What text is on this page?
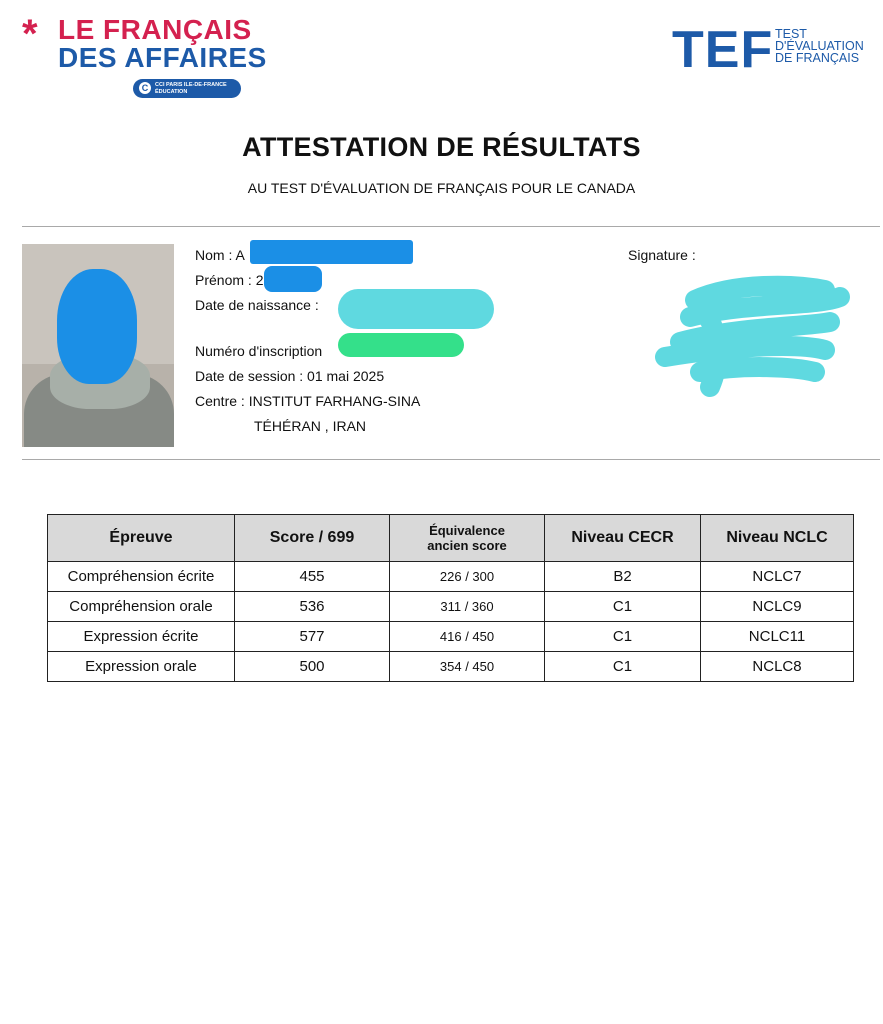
* LE FRANÇAIS
DES AFFAIRES
C	CCI PARIS ILE-DE-FRANCE
ÉDUCATION
TEF TEST
D'ÉVALUATION
DE FRANÇAIS
ATTESTATION DE RÉSULTATS
AU TEST D'ÉVALUATION DE FRANÇAIS POUR LE CANADA
Nom : A
Prénom : 2
Date de naissance :
Numéro d'inscription
Date de session : 01 mai 2025
Centre : INSTITUT FARHANG-SINA
TÉHÉRAN , IRAN
Signature :
Épreuve	Score / 699	Équivalence
ancien score	Niveau CECR	Niveau NCLC
Compréhension écrite	455	226 / 300	B2	NCLC7
Compréhension orale	536	311 / 360	C1	NCLC9
Expression écrite	577	416 / 450	C1	NCLC11
Expression orale	500	354 / 450	C1	NCLC8
